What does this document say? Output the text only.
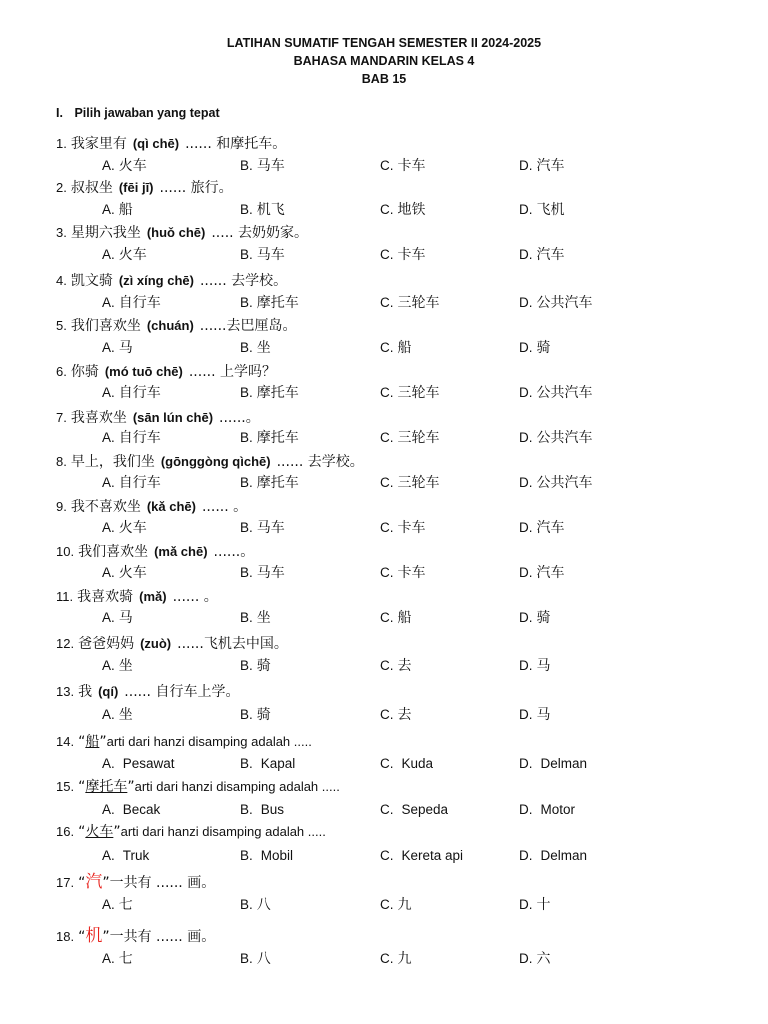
LATIHAN SUMATIF TENGAH SEMESTER II 2024-2025
BAHASA MANDARIN KELAS 4
BAB 15
I. Pilih jawaban yang tepat
1. 我家里有 (qì chē) ...... 和摩托车。
A. 火车	B. 马车	C. 卡车	D. 汽车
2. 叔叔坐 (fēi jī) ...... 旅行。
A. 船	B. 机飞	C. 地铁	D. 飞机
3. 星期六我坐 (huǒ chē) ..... 去奶奶家。
A. 火车	B. 马车	C. 卡车	D. 汽车
4. 凯文骑 (zì xíng chē) ...... 去学校。
A. 自行车	B. 摩托车	C. 三轮车	D. 公共汽车
5. 我们喜欢坐 (chuán) ......去巴厘岛。
A. 马	B. 坐	C. 船	D. 骑
6. 你骑 (mó tuō chē) ...... 上学吗？
A. 自行车	B. 摩托车	C. 三轮车	D. 公共汽车
7. 我喜欢坐 (sān lún chē) ......。
A. 自行车	B. 摩托车	C. 三轮车	D. 公共汽车
8. 早上，我们坐 (gōnggòng qìchē) ...... 去学校。
A. 自行车	B. 摩托车	C. 三轮车	D. 公共汽车
9. 我不喜欢坐 (kǎ chē) ...... 。
A. 火车	B. 马车	C. 卡车	D. 汽车
10. 我们喜欢坐 (mǎ chē) ......。
A. 火车	B. 马车	C. 卡车	D. 汽车
11. 我喜欢骑 (mǎ) ...... 。
A. 马	B. 坐	C. 船	D. 骑
12. 爸爸妈妈 (zuò) ......飞机去中国。
A. 坐	B. 骑	C. 去	D. 马
13. 我 (qí) ...... 自行车上学。
A. 坐	B. 骑	C. 去	D. 马
14. “船”arti dari hanzi disamping adalah .....
A. Pesawat	B. Kapal	C. Kuda	D. Delman
15. “摩托车”arti dari hanzi disamping adalah .....
A. Becak	B. Bus	C. Sepeda	D. Motor
16. “火车”arti dari hanzi disamping adalah .....
A. Truk	B. Mobil	C. Kereta api	D. Delman
17. “汽”一共有 ...... 画。
A. 七	B. 八	C. 九	D. 十
18. “机”一共有 ...... 画。
A. 七	B. 八	C. 九	D. 六
